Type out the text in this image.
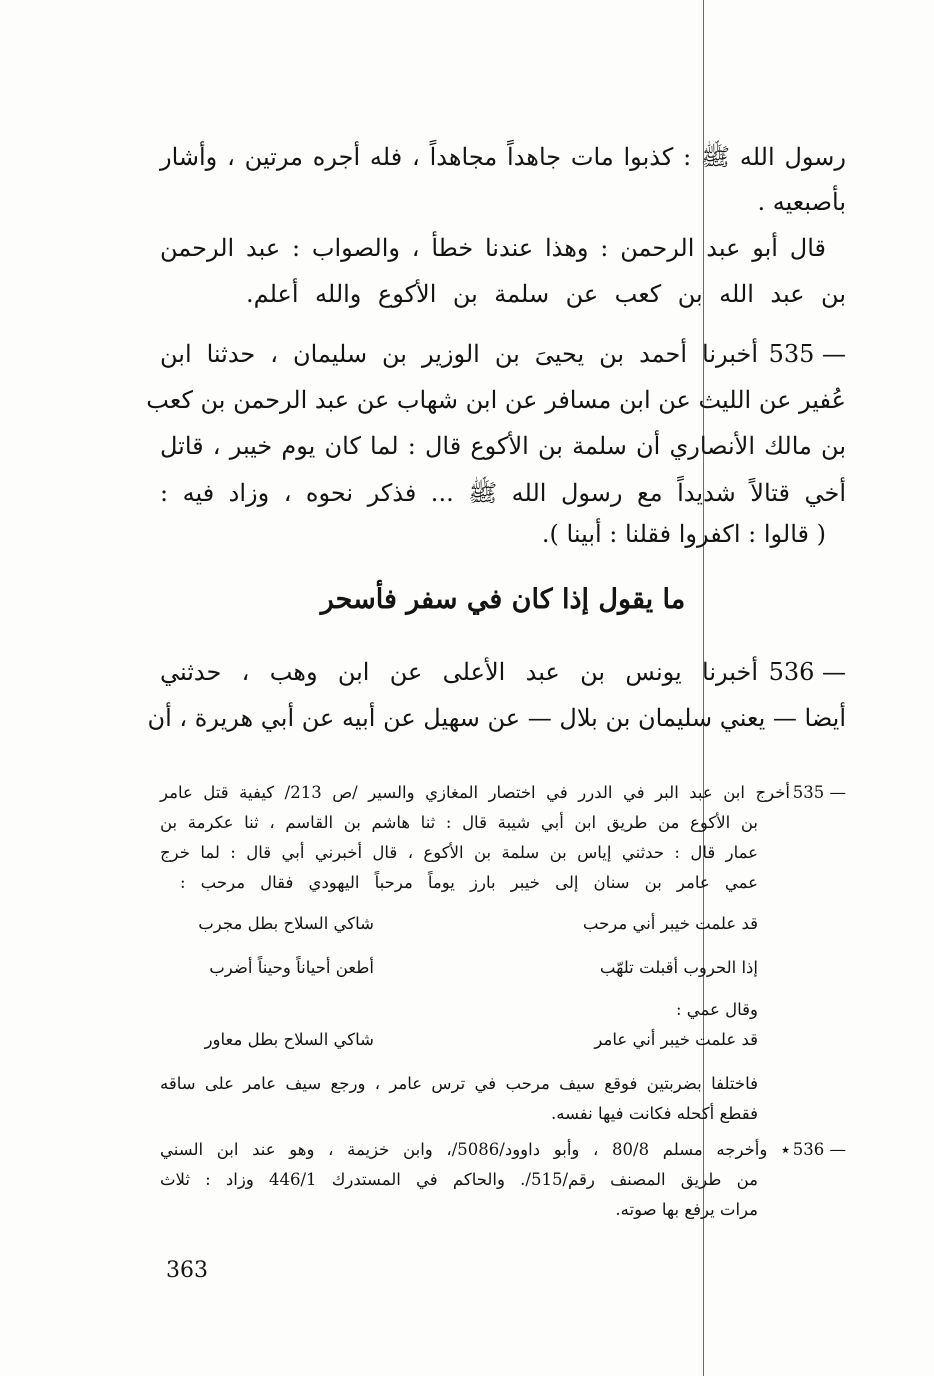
رسول الله ﷺ : كذبوا مات جاهداً مجاهداً ، فله أجره مرتين ، وأشار
بأصبعيه .
قال أبو عبد الرحمن : وهذا عندنا خطأ ، والصواب : عبد الرحمن
بن عبد الله بن كعب عن سلمة بن الأكوع والله أعلم.
535 —
أخبرنا أحمد بن يحيىَ بن الوزير بن سليمان ، حدثنا ابن
عُفير عن الليث عن ابن مسافر عن ابن شهاب عن عبد الرحمن بن كعب
بن مالك الأنصاري أن سلمة بن الأكوع قال : لما كان يوم خيبر ، قاتل
أخي قتالاً شديداً مع رسول الله ﷺ ... فذكر نحوه ، وزاد فيه :
( قالوا : اكفروا فقلنا : أبينا ).
ما يقول إذا كان في سفر فأسحر
536 —
أخبرنا يونس بن عبد الأعلى عن ابن وهب ، حدثني
أيضا — يعني سليمان بن بلال — عن سهيل عن أبيه عن أبي هريرة ، أن
535 —
أخرج ابن عبد البر في الدرر في اختصار المغازي والسير /ص 213/ كيفية قتل عامر
بن الأكوع من طريق ابن أبي شيبة قال : ثنا هاشم بن القاسم ، ثنا عكرمة بن
عمار قال : حدثني إياس بن سلمة بن الأكوع ، قال أخبرني أبي قال : لما خرج
عمي عامر بن سنان إلى خيبر بارز يوماً مرحباً اليهودي فقال مرحب :
قد علمت خيبر أني مرحب
شاكي السلاح بطل مجرب
إذا الحروب أقبلت تلهّب
أطعن أحياناً وحيناً أضرب
وقال عمي :
قد علمت خيبر أني عامر
شاكي السلاح بطل معاور
فاختلفا بضربتين فوقع سيف مرحب في ترس عامر ، ورجع سيف عامر على ساقه
فقطع أكحله فكانت فيها نفسه.
536 —
٭ وأخرجه مسلم 80/8 ، وأبو داوود/5086/، وابن خزيمة ، وهو عند ابن السني
من طريق المصنف رقم/515/. والحاكم في المستدرك 446/1 وزاد : ثلاث
مرات يرفع بها صوته.
363
